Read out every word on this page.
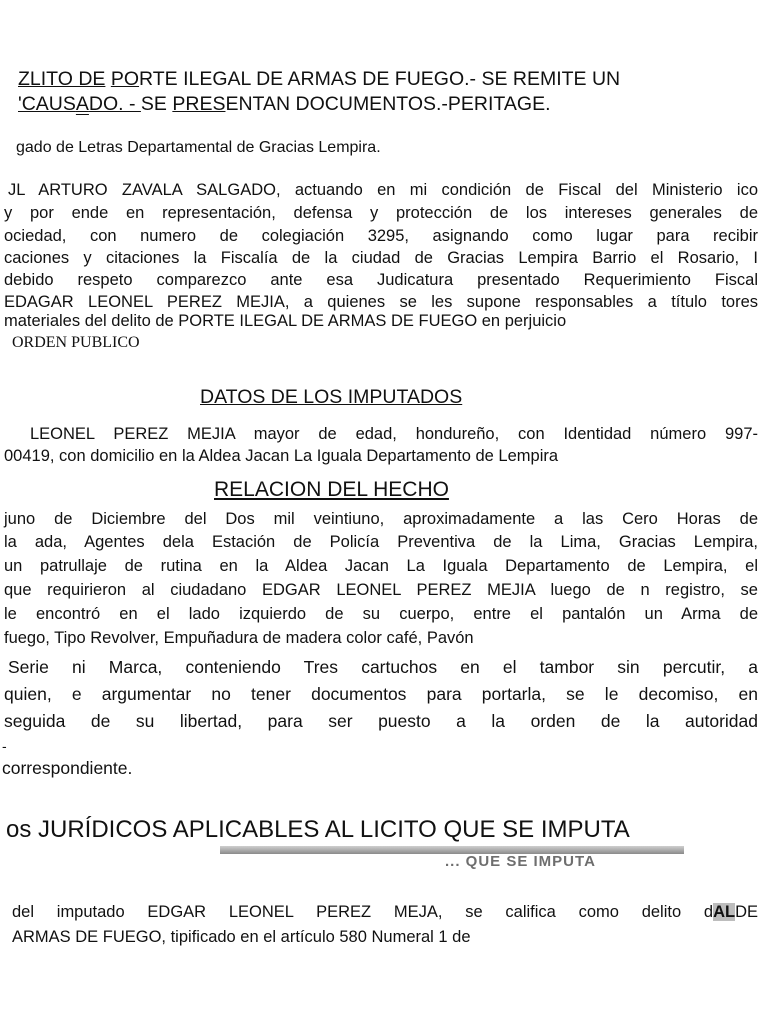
ZLITO DE PORTE ILEGAL DE ARMAS DE FUEGO.- SE REMITE UN
'CAUSADO. - SE PRESENTAN DOCUMENTOS.-PERITAGE.

gado de Letras Departamental de Gracias Lempira.

JL ARTURO ZAVALA SALGADO, actuando en mi condición de Fiscal del Ministerio ico

y por ende en representación, defensa y protección de los intereses generales de

ociedad, con numero de colegiación 3295, asignando como lugar para recibir

caciones y citaciones la Fiscalía de la ciudad de Gracias Lempira Barrio el Rosario, I

debido respeto comparezco ante esa Judicatura presentado Requerimiento Fiscal

EDAGAR LEONEL PEREZ MEJIA, a quienes se les supone responsables a título tores

materiales del delito de PORTE ILEGAL DE ARMAS DE FUEGO en perjuicio

ORDEN PUBLICO

DATOS DE LOS IMPUTADOS

LEONEL PEREZ MEJIA mayor de edad, hondureño, con Identidad número 997-

00419, con domicilio en la Aldea Jacan La Iguala Departamento de Lempira

RELACION DEL HECHO

juno de Diciembre del Dos mil veintiuno, aproximadamente a las Cero Horas de

la ada, Agentes dela Estación de Policía Preventiva de la Lima, Gracias Lempira,

un patrullaje de rutina en la Aldea Jacan La Iguala Departamento de Lempira, el

que requirieron al ciudadano EDGAR LEONEL PEREZ MEJIA luego de n registro, se

le encontró en el lado izquierdo de su cuerpo, entre el pantalón un Arma de

fuego, Tipo Revolver, Empuñadura de madera color café, Pavón

Serie ni Marca, conteniendo Tres cartuchos en el tambor sin percutir, a

quien, e argumentar no tener documentos para portarla, se le decomiso, en

seguida de su libertad, para ser puesto a la orden de la autoridad

-

correspondiente.

... QUE SE IMPUTA

os JURÍDICOS APLICABLES AL LICITO QUE SE IMPUTA

del imputado EDGAR LEONEL PEREZ MEJA, se califica como delito dALDE

ARMAS DE FUEGO, tipificado en el artículo 580 Numeral 1 de
